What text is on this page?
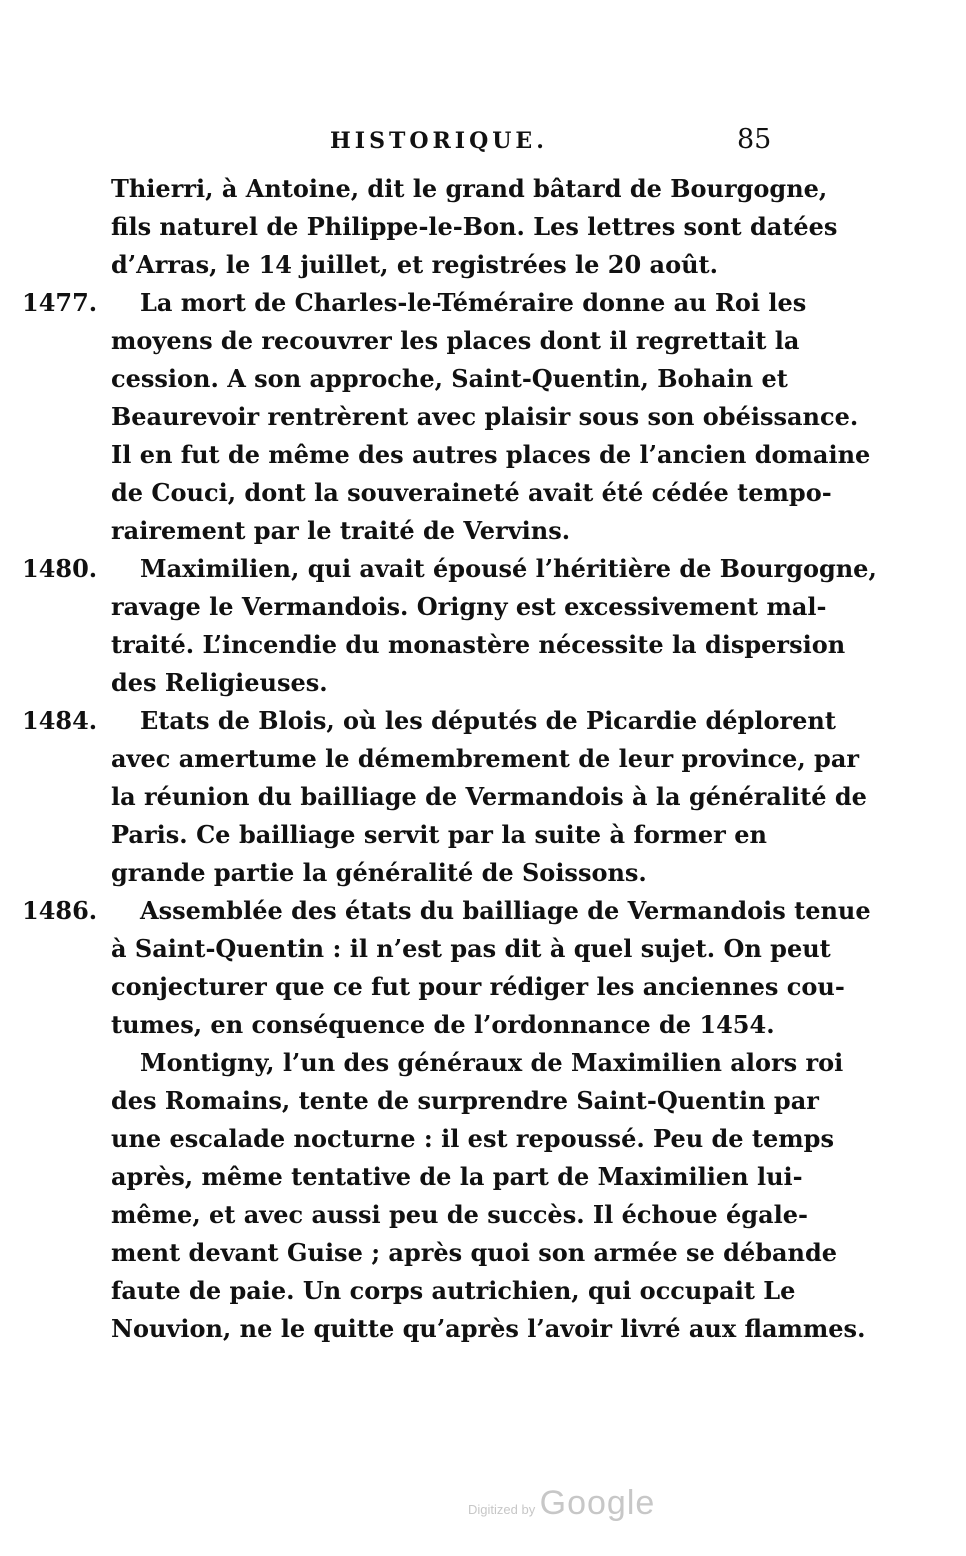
HISTORIQUE.	85
Thierri, à Antoine, dit le grand bâtard de Bourgogne,
fils naturel de Philippe-le-Bon. Les lettres sont datées
d’Arras, le 14 juillet, et registrées le 20 août.
1477. La mort de Charles-le-Téméraire donne au Roi les
moyens de recouvrer les places dont il regrettait la
cession. A son approche, Saint-Quentin, Bohain et
Beaurevoir rentrèrent avec plaisir sous son obéissance.
Il en fut de même des autres places de l’ancien domaine
de Couci, dont la souveraineté avait été cédée tempo-
rairement par le traité de Vervins.
1480. Maximilien, qui avait épousé l’héritière de Bourgogne,
ravage le Vermandois. Origny est excessivement mal-
traité. L’incendie du monastère nécessite la dispersion
des Religieuses.
1484. Etats de Blois, où les députés de Picardie déplorent
avec amertume le démembrement de leur province, par
la réunion du bailliage de Vermandois à la généralité de
Paris. Ce bailliage servit par la suite à former en
grande partie la généralité de Soissons.
1486. Assemblée des états du bailliage de Vermandois tenue
à Saint-Quentin : il n’est pas dit à quel sujet. On peut
conjecturer que ce fut pour rédiger les anciennes cou-
tumes, en conséquence de l’ordonnance de 1454.
Montigny, l’un des généraux de Maximilien alors roi
des Romains, tente de surprendre Saint-Quentin par
une escalade nocturne : il est repoussé. Peu de temps
après, même tentative de la part de Maximilien lui-
même, et avec aussi peu de succès. Il échoue égale-
ment devant Guise ; après quoi son armée se débande
faute de paie. Un corps autrichien, qui occupait Le
Nouvion, ne le quitte qu’après l’avoir livré aux flammes.
Digitized by Google
